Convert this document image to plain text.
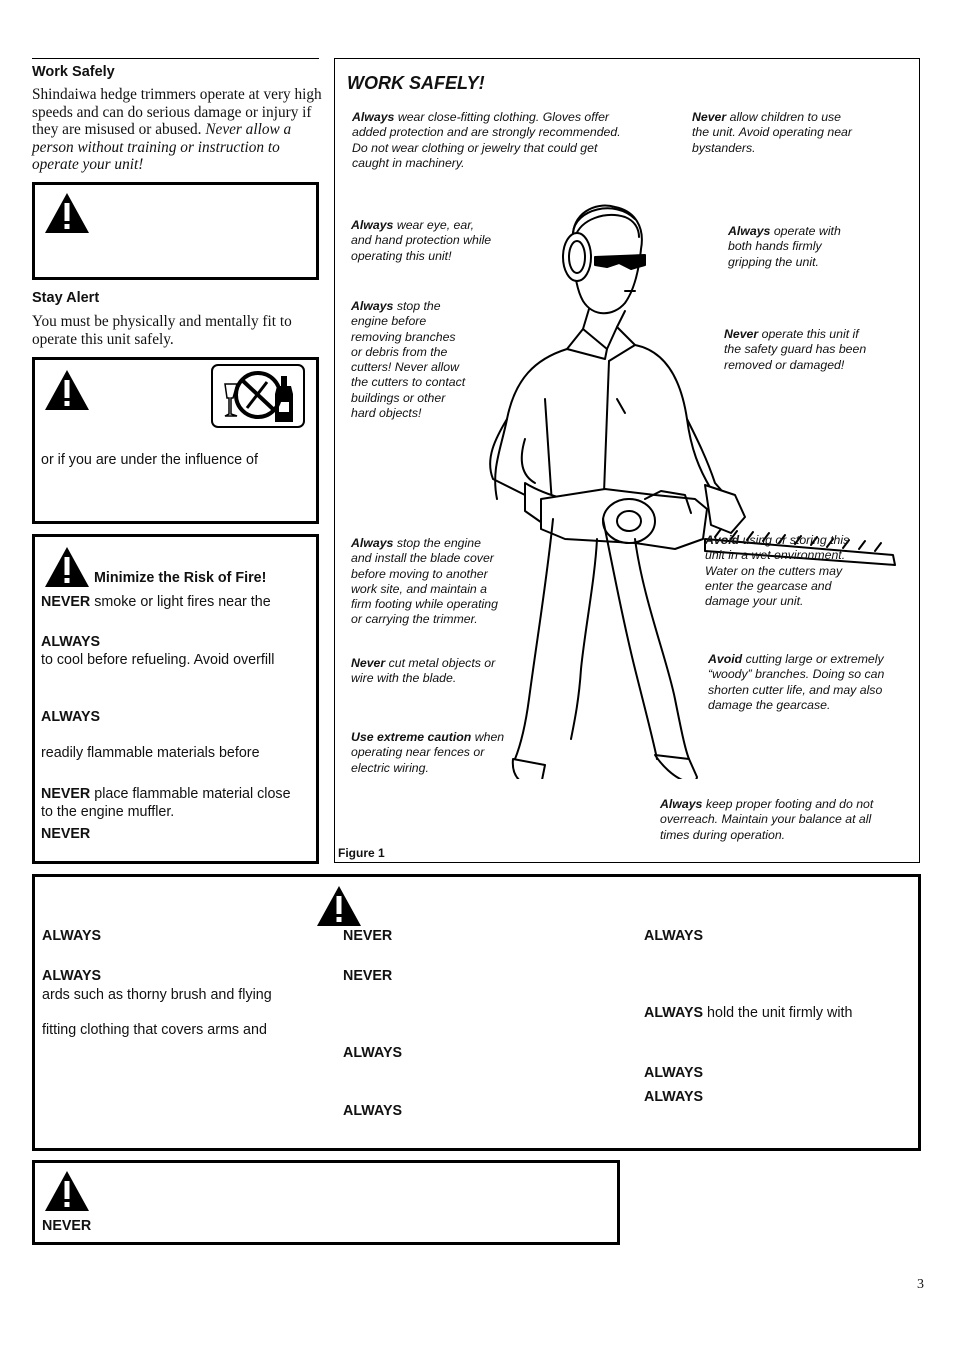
Work Safely
Shindaiwa hedge trimmers operate at very high speeds and can do serious damage or injury if they are misused or abused. Never allow a person without training or instruction to operate your unit!
Stay Alert
You must be physically and mentally fit to operate this unit safely.
or if you are under the influence of
Minimize the Risk of Fire!
NEVER smoke or light fires near the
ALWAYS
to cool before refueling. Avoid overfill
ALWAYS
readily flammable materials before
NEVER place flammable material close
to the engine muffler.
NEVER
WORK SAFELY!
Always wear close-fitting clothing. Gloves offer
added protection and are strongly recommended.
Do not wear clothing or jewelry that could get
caught in machinery.
Never allow children to use
the unit. Avoid operating near
bystanders.
Always wear eye, ear,
and hand protection while
operating this unit!
Always operate with
both hands firmly
gripping the unit.
Always stop the
engine before
removing branches
or debris from the
cutters! Never allow
the cutters to contact
buildings or other
hard objects!
Never operate this unit if
the safety guard has been
removed or damaged!
Always stop the engine
and install the blade cover
before moving to another
work site, and maintain a
firm footing while operating
or carrying the trimmer.
Avoid using or storing this
unit in a wet environment.
Water on the cutters may
enter the gearcase and
damage your unit.
Never cut metal objects or
wire with the blade.
Avoid cutting large or extremely
“woody” branches. Doing so can
shorten cutter life, and may also
damage the gearcase.
Use extreme caution when
operating near fences or
electric wiring.
Always keep proper footing and do not
overreach. Maintain your balance at all
times during operation.
Figure 1
ALWAYS
ALWAYS
ards such as thorny brush and flying
fitting clothing that covers arms and
NEVER
NEVER
ALWAYS
ALWAYS
ALWAYS
ALWAYS hold the unit firmly with
ALWAYS
ALWAYS
NEVER
3
